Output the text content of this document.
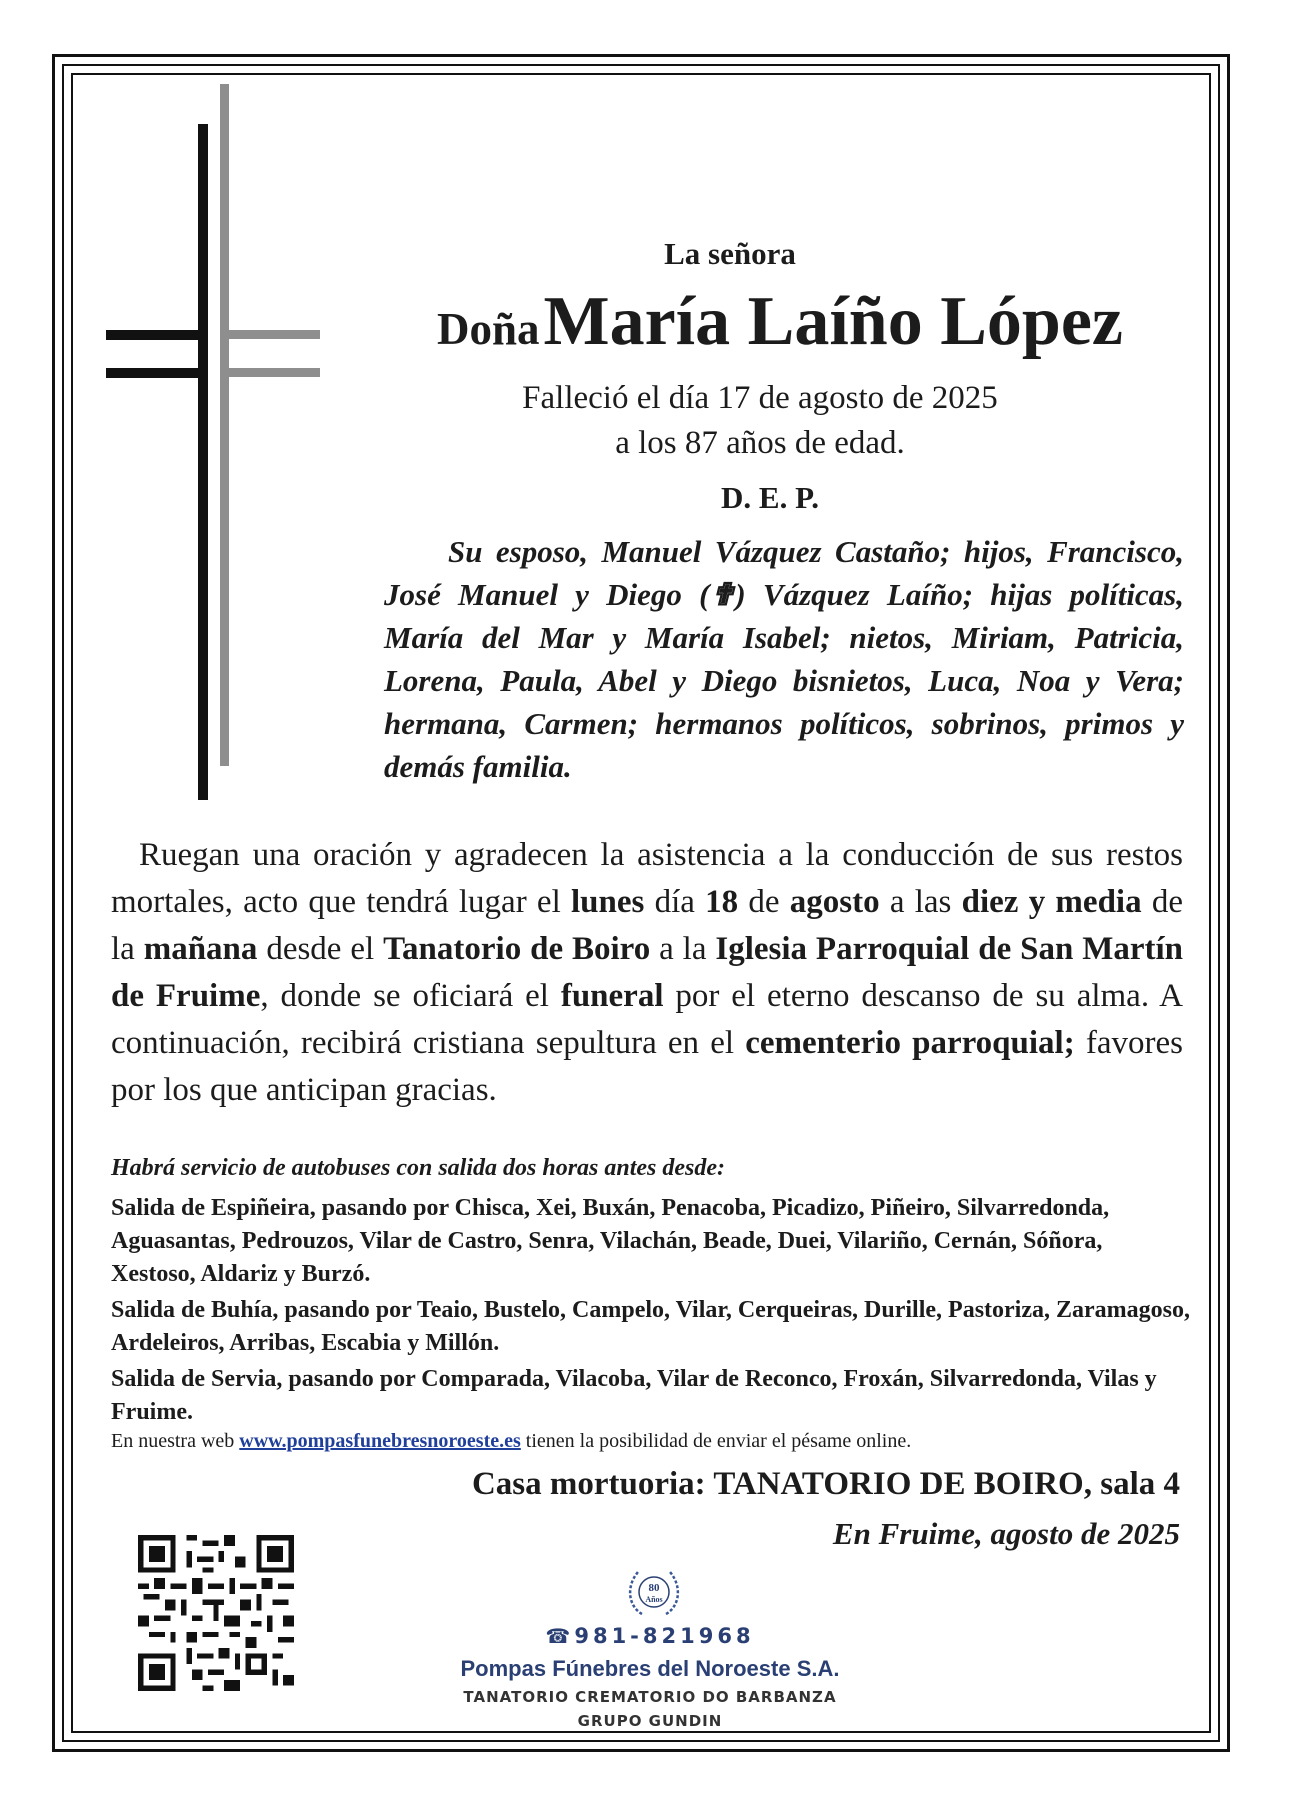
La señora
Doña María Laíño López
Falleció el día 17 de agosto de 2025
a los 87 años de edad.
D. E. P.

Su esposo, Manuel Vázquez Castaño; hijos, Francisco, José Manuel y Diego (✟) Vázquez Laíño; hijas políticas, María del Mar y María Isabel; nietos, Miriam, Patricia, Lorena, Paula, Abel y Diego bisnietos, Luca, Noa y Vera; hermana, Carmen; hermanos políticos, sobrinos, primos y demás familia.

Ruegan una oración y agradecen la asistencia a la conducción de sus restos mortales, acto que tendrá lugar el lunes día 18 de agosto a las diez y media de la mañana desde el Tanatorio de Boiro a la Iglesia Parroquial de San Martín de Fruime, donde se oficiará el funeral por el eterno descanso de su alma. A continuación, recibirá cristiana sepultura en el cementerio parroquial; favores por los que anticipan gracias.

Habrá servicio de autobuses con salida dos horas antes desde:

Salida de Espiñeira, pasando por Chisca, Xei, Buxán, Penacoba, Picadizo, Piñeiro, Silvarredonda, Aguasantas, Pedrouzos, Vilar de Castro, Senra, Vilachán, Beade, Duei, Vilariño, Cernán, Sóñora, Xestoso, Aldariz y Burzó.

Salida de Buhía, pasando por Teaio, Bustelo, Campelo, Vilar, Cerqueiras, Durille, Pastoriza, Zaramagoso, Ardeleiros, Arribas, Escabia y Millón.

Salida de Servia, pasando por Comparada, Vilacoba, Vilar de Reconco, Froxán, Silvarredonda, Vilas y Fruime.

En nuestra web www.pompasfunebresnoroeste.es tienen la posibilidad de enviar el pésame online.

Casa mortuoria: TANATORIO DE BOIRO, sala 4
En Fruime, agosto de 2025
80
Años
☎ 981-821968
Pompas Fúnebres del Noroeste S.A.
TANATORIO CREMATORIO DO BARBANZA
GRUPO GUNDIN
